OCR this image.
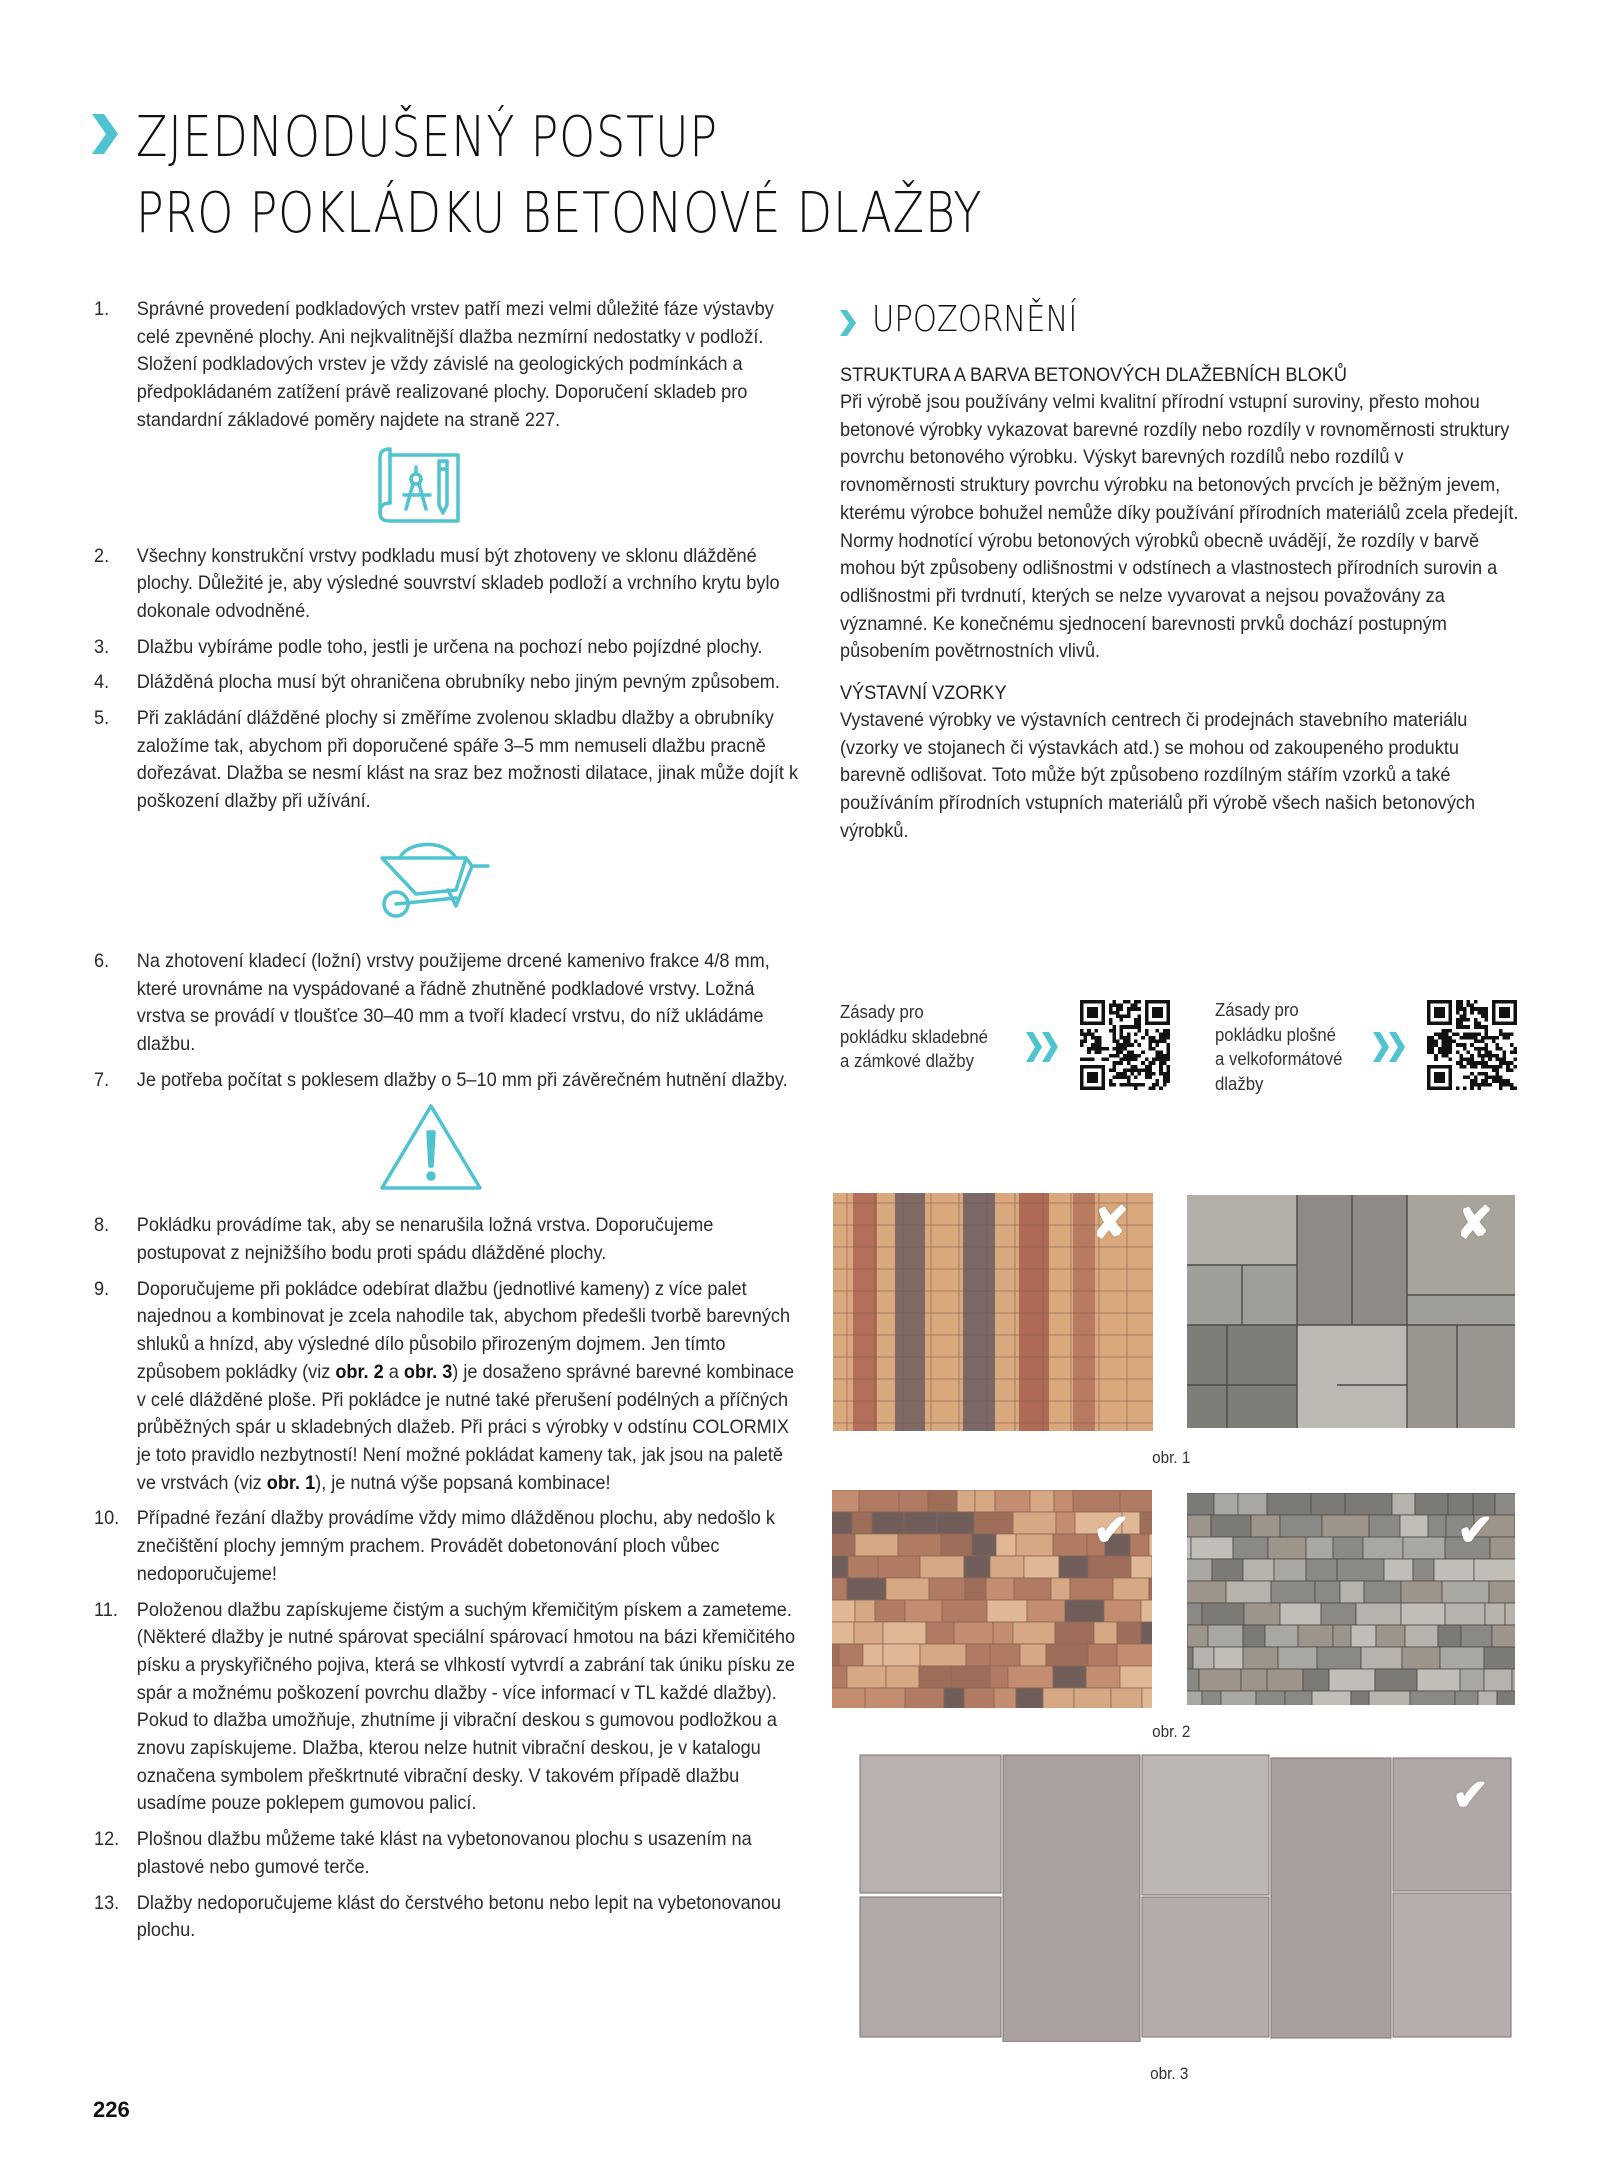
ZJEDNODUŠENÝ POSTUP
PRO POKLÁDKU BETONOVÉ DLAŽBY
1. Správné provedení podkladových vrstev patří mezi velmi důležité fáze výstavby celé zpevněné plochy. Ani nejkvalitnější dlažba nezmírní nedostatky v podloží. Složení podkladových vrstev je vždy závislé na geologických podmínkách a předpokládaném zatížení právě realizované plochy. Doporučení skladeb pro standardní základové poměry najdete na straně 227.
2. Všechny konstrukční vrstvy podkladu musí být zhotoveny ve sklonu dlážděné plochy. Důležité je, aby výsledné souvrství skladeb podloží a vrchního krytu bylo dokonale odvodněné.
3. Dlažbu vybíráme podle toho, jestli je určena na pochozí nebo pojízdné plochy.
4. Dlážděná plocha musí být ohraničena obrubníky nebo jiným pevným způsobem.
5. Při zakládání dlážděné plochy si změříme zvolenou skladbu dlažby a obrubníky založíme tak, abychom při doporučené spáře 3–5 mm nemuseli dlažbu pracně dořezávat. Dlažba se nesmí klást na sraz bez možnosti dilatace, jinak může dojít k poškození dlažby při užívání.
6. Na zhotovení kladecí (ložní) vrstvy použijeme drcené kamenivo frakce 4/8 mm, které urovnáme na vyspádované a řádně zhutněné podkladové vrstvy. Ložná vrstva se provádí v tloušťce 30–40 mm a tvoří kladecí vrstvu, do níž ukládáme dlažbu.
7. Je potřeba počítat s poklesem dlažby o 5–10 mm při závěrečném hutnění dlažby.
8. Pokládku provádíme tak, aby se nenarušila ložná vrstva. Doporučujeme postupovat z nejnižšího bodu proti spádu dlážděné plochy.
9. Doporučujeme při pokládce odebírat dlažbu (jednotlivé kameny) z více palet najednou a kombinovat je zcela nahodile tak, abychom předešli tvorbě barevných shluků a hnízd, aby výsledné dílo působilo přirozeným dojmem. Jen tímto způsobem pokládky (viz obr. 2 a obr. 3) je dosaženo správné barevné kombinace v celé dlážděné ploše. Při pokládce je nutné také přerušení podélných a příčných průběžných spár u skladebných dlažeb. Při práci s výrobky v odstínu COLORMIX je toto pravidlo nezbytností! Není možné pokládat kameny tak, jak jsou na paletě ve vrstvách (viz obr. 1), je nutná výše popsaná kombinace!
10. Případné řezání dlažby provádíme vždy mimo dlážděnou plochu, aby nedošlo k znečištění plochy jemným prachem. Provádět dobetonování ploch vůbec nedoporučujeme!
11. Položenou dlažbu zapískujeme čistým a suchým křemičitým pískem a zameteme. (Některé dlažby je nutné spárovat speciální spárovací hmotou na bázi křemičitého písku a pryskyřičného pojiva, která se vlhkostí vytvrdí a zabrání tak úniku písku ze spár a možnému poškození povrchu dlažby - více informací v TL každé dlažby). Pokud to dlažba umožňuje, zhutníme ji vibrační deskou s gumovou podložkou a znovu zapískujeme. Dlažba, kterou nelze hutnit vibrační deskou, je v katalogu označena symbolem přeškrtnuté vibrační desky. V takovém případě dlažbu usadíme pouze poklepem gumovou palicí.
12. Plošnou dlažbu můžeme také klást na vybetonovanou plochu s usazením na plastové nebo gumové terče.
13. Dlažby nedoporučujeme klást do čerstvého betonu nebo lepit na vybetonovanou plochu.
226
UPOZORNĚNÍ
STRUKTURA A BARVA BETONOVÝCH DLAŽEBNÍCH BLOKŮ
Při výrobě jsou používány velmi kvalitní přírodní vstupní suroviny, přesto mohou betonové výrobky vykazovat barevné rozdíly nebo rozdíly v rovnoměrnosti struktury povrchu betonového výrobku. Výskyt barevných rozdílů nebo rozdílů v rovnoměrnosti struktury povrchu výrobku na betonových prvcích je běžným jevem, kterému výrobce bohužel nemůže díky používání přírodních materiálů zcela předejít. Normy hodnotící výrobu betonových výrobků obecně uvádějí, že rozdíly v barvě mohou být způsobeny odlišnostmi v odstínech a vlastnostech přírodních surovin a odlišnostmi při tvrdnutí, kterých se nelze vyvarovat a nejsou považovány za významné. Ke konečnému sjednocení barevnosti prvků dochází postupným působením povětrnostních vlivů.
VÝSTAVNÍ VZORKY
Vystavené výrobky ve výstavních centrech či prodejnách stavebního materiálu (vzorky ve stojanech či výstavkách atd.) se mohou od zakoupeného produktu barevně odlišovat. Toto může být způsobeno rozdílným stářím vzorků a také používáním přírodních vstupních materiálů při výrobě všech našich betonových výrobků.
Zásady pro
pokládku skladebné
a zámkové dlažby
Zásady pro
pokládku plošné
a velkoformátové
dlažby
✘	✘
obr. 1
✔	✔
obr. 2
✔
obr. 3
